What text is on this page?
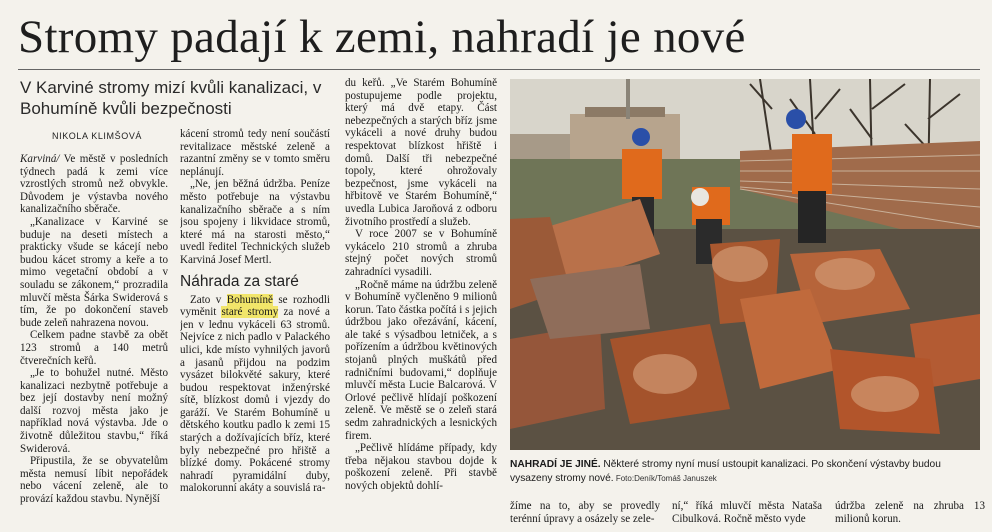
Stromy padají k zemi, nahradí je nové
V Karviné stromy mizí kvůli kanalizaci, v Bohumíně kvůli bezpečnosti
NIKOLA KLIMŠOVÁ

Karviná/ Ve městě v posledních týdnech padá k zemi více vzrostlých stromů než obvykle. Důvodem je výstavba nového kanalizačního sběrače.

„Kanalizace v Karviné se buduje na deseti místech a prakticky všude se kácejí nebo budou kácet stromy a keře a to mimo vegetační období a v souladu se zákonem,“ prozradila mluvčí města Šárka Swiderová s tím, že po dokončení staveb bude zeleň nahrazena novou.

Celkem padne stavbě za obět 123 stromů a 140 metrů čtverečních keřů.

„Je to bohužel nutné. Město kanalizaci nezbytně potřebuje a bez její dostavby není možný další rozvoj města jako je například nová výstavba. Jde o životně důležitou stavbu,“ říká Swiderová.

Připustila, že se obyvatelům města nemusí líbit nepořádek nebo vácení zeleně, ale to provází každou stavbu. Nynější

kácení stromů tedy není součástí revitalizace městské zeleně a razantní změny se v tomto směru neplánují.

„Ne, jen běžná údržba. Peníze město potřebuje na výstavbu kanalizačního sběrače a s ním jsou spojeny i likvidace stromů, které má na starosti město,“ uvedl ředitel Technických služeb Karviná Josef Mertl.

Náhrada za staré

Zato v Bohumíně se rozhodli vyměnit staré stromy za nové a jen v lednu vykáceli 63 stromů. Nejvíce z nich padlo v Palackého ulici, kde místo vyhnilých javorů a jasanů přijdou na podzim vysázet bilokvěté sakury, které budou respektovat inženýrské sítě, blízkost domů i vjezdy do garáží. Ve Starém Bohumíně u dětského koutku padlo k zemi 15 starých a dožívajících bříz, které byly nebezpečné pro hřiště a blízké domy. Pokácené stromy nahradí pyramidální duby, malokorunní akáty a souvislá ra-

du keřů. „Ve Starém Bohumíně postupujeme podle projektu, který má dvě etapy. Část nebezpečných a starých bříz jsme vykáceli a nové druhy budou respektovat blízkost hřiště i domů. Další tři nebezpečné topoly, které ohrožovaly bezpečnost, jsme vykáceli na hřbitově ve Starém Bohumíně,“ uvedla Lubica Jaroňová z odboru životního prostředí a služeb.

V roce 2007 se v Bohumíně vykácelo 210 stromů a zhruba stejný počet nových stromů zahradníci vysadili.

„Ročně máme na údržbu zeleně v Bohumíně vyčleněno 9 milionů korun. Tato částka počítá i s jejich údržbou jako ořezávání, kácení, ale také s výsadbou letniček, a s pořízením a údržbou květinových stojanů plných muškátů před radničními budovami,“ doplňuje mluvčí města Lucie Balcarová. V Orlové pečlivě hlídají poškození zeleně. Ve městě se o zeleň stará sedm zahradnických a lesnických firem.

„Pečlivě hlídáme případy, kdy třeba nějakou stavbou dojde k poškození zeleně. Při stavbě nových objektů dohlí-

NAHRADÍ JE JINÉ. Některé stromy nyní musí ustoupit kanalizaci. Po skončení výstavby budou vysazeny stromy nové. Foto:Deník/Tomáš Januszek

žíme na to, aby se provedly terénní úpravy a osázely se zele-

ní,“ říká mluvčí města Nataša Cibulková. Ročně město vyde

údržba zeleně na zhruba 13 milionů korun.
